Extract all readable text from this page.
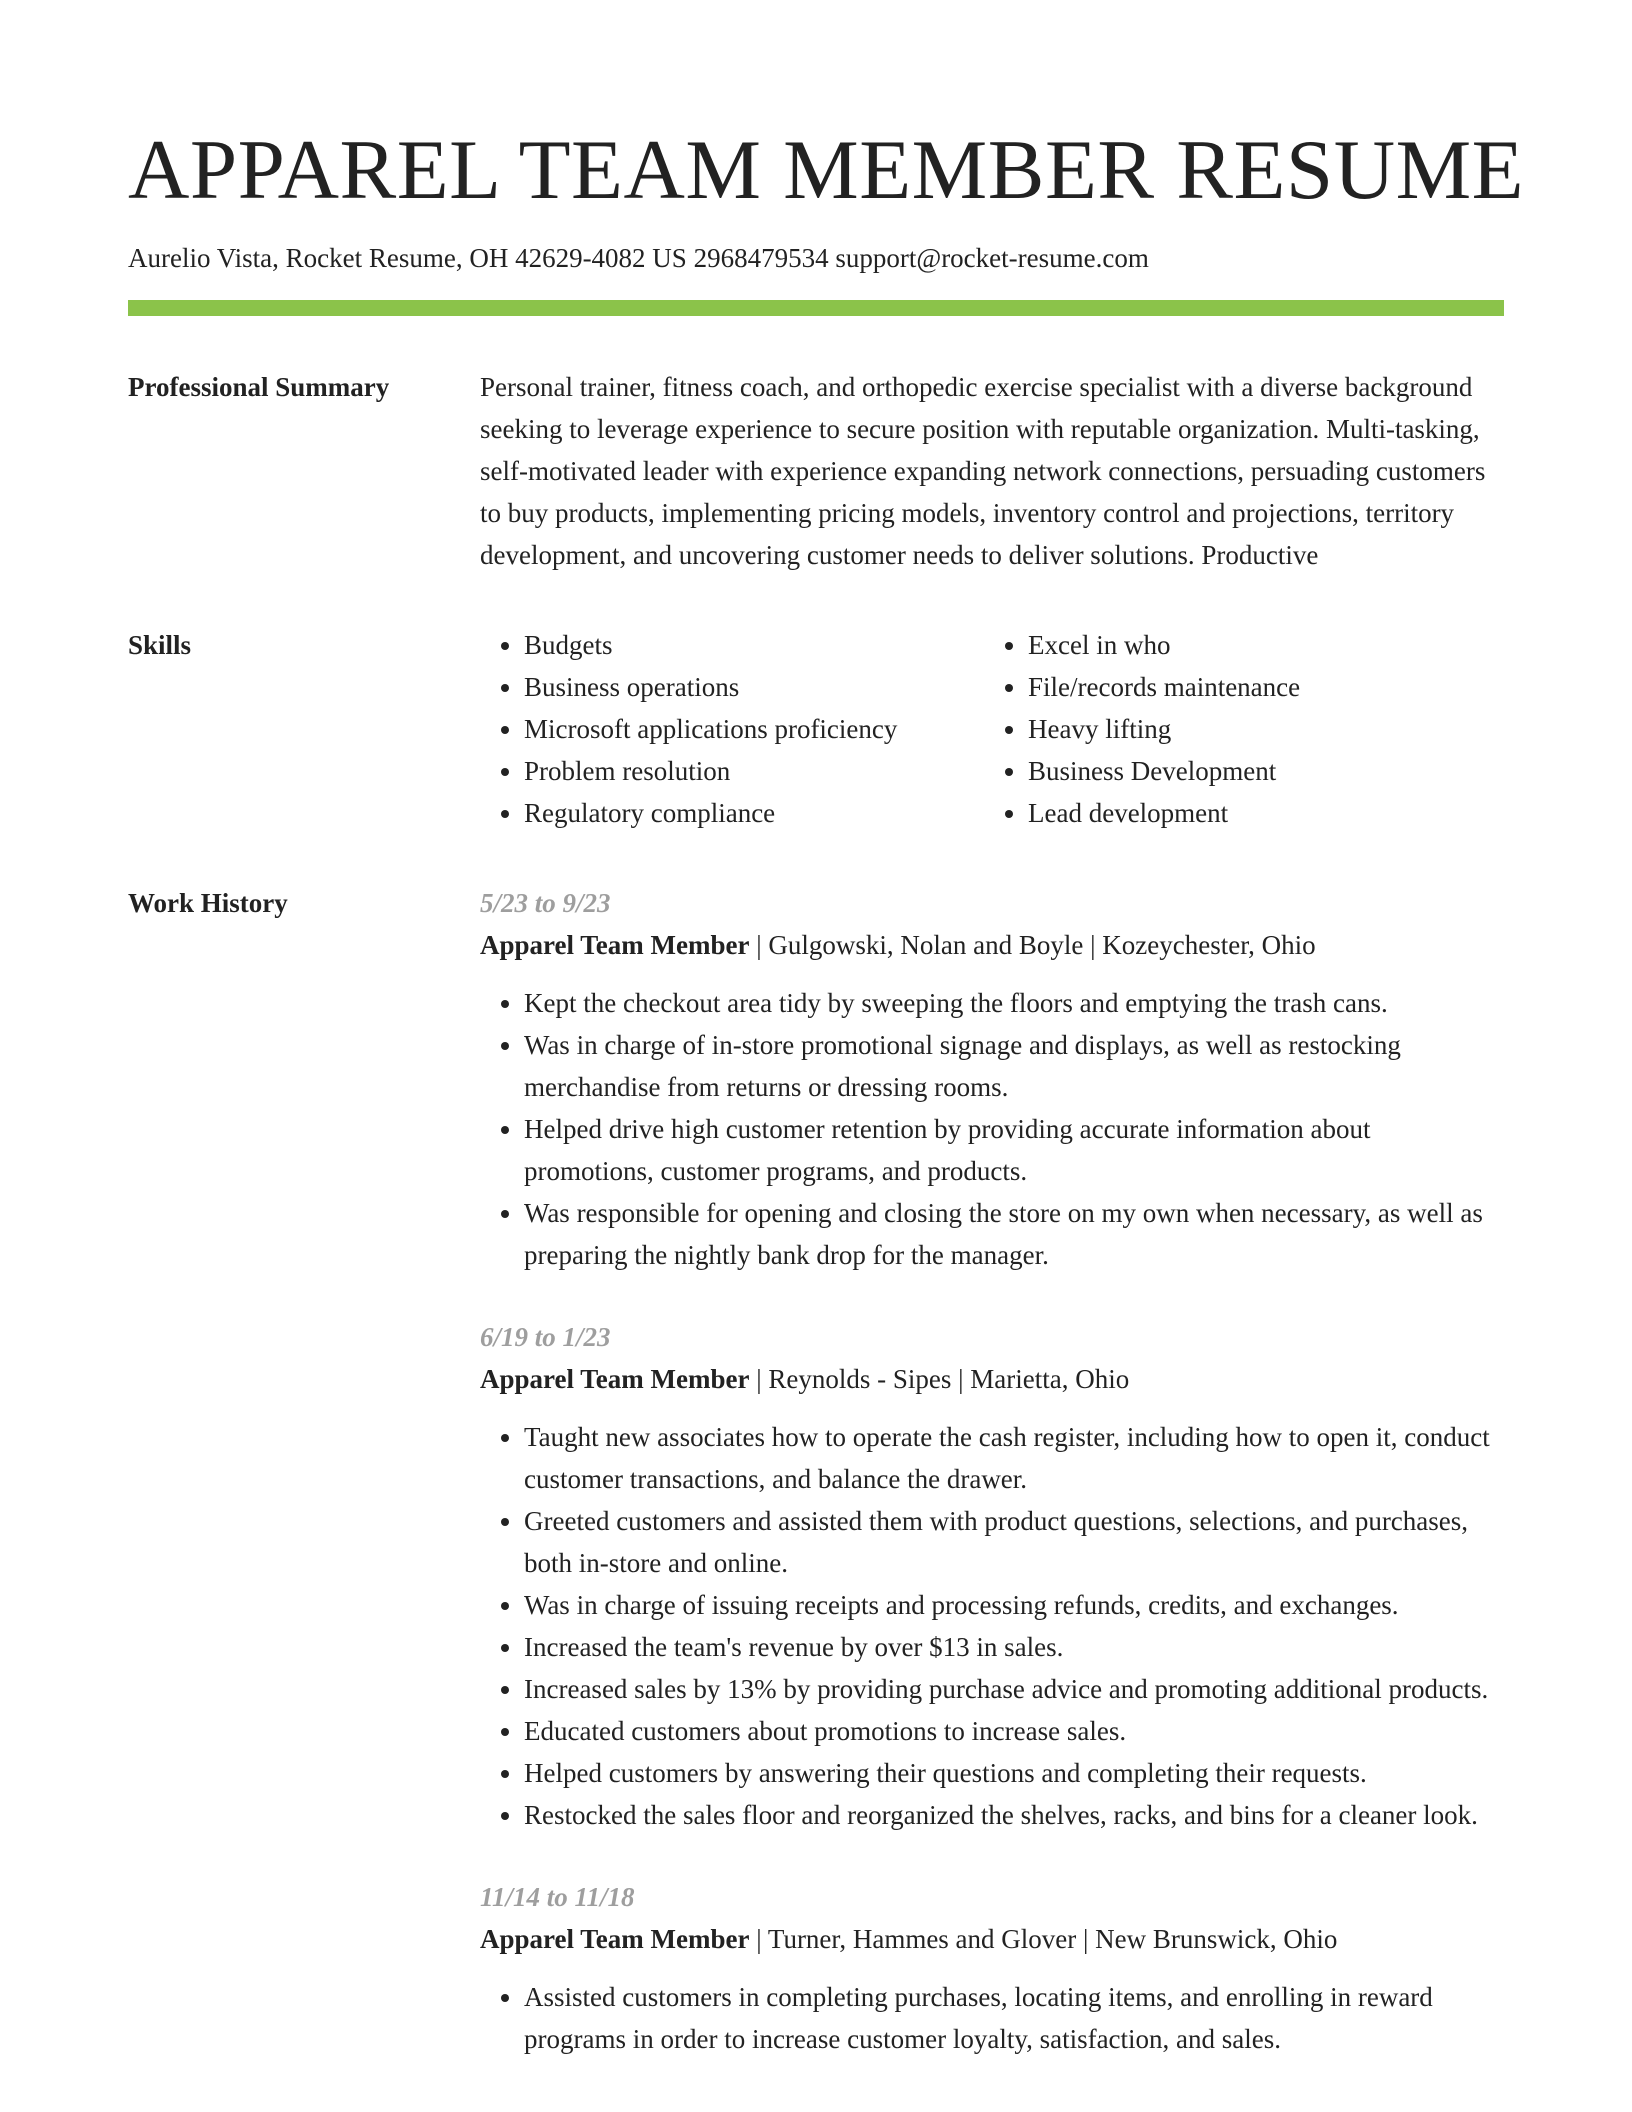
APPAREL TEAM MEMBER RESUME
Aurelio Vista, Rocket Resume, OH 42629-4082 US 2968479534 support@rocket-resume.com
Professional Summary	Personal trainer, fitness coach, and orthopedic exercise specialist with a diverse background seeking to leverage experience to secure position with reputable organization. Multi-tasking, self-motivated leader with experience expanding network connections, persuading customers to buy products, implementing pricing models, inventory control and projections, territory development, and uncovering customer needs to deliver solutions. Productive

Skills
•	Budgets
• Business operations
• Microsoft applications proficiency
• Problem resolution
• Regulatory compliance
• Excel in who
• File/records maintenance
• Heavy lifting
• Business Development
• Lead development
Work History	5/23 to 9/23
Apparel Team Member | Gulgowski, Nolan and Boyle | Kozeychester, Ohio
• Kept the checkout area tidy by sweeping the floors and emptying the trash cans.
• Was in charge of in-store promotional signage and displays, as well as restocking merchandise from returns or dressing rooms.
• Helped drive high customer retention by providing accurate information about promotions, customer programs, and products.
• Was responsible for opening and closing the store on my own when necessary, as well as preparing the nightly bank drop for the manager.
6/19 to 1/23
Apparel Team Member | Reynolds - Sipes | Marietta, Ohio
• Taught new associates how to operate the cash register, including how to open it, conduct customer transactions, and balance the drawer.
• Greeted customers and assisted them with product questions, selections, and purchases, both in-store and online.
• Was in charge of issuing receipts and processing refunds, credits, and exchanges.
• Increased the team's revenue by over $13 in sales.
• Increased sales by 13% by providing purchase advice and promoting additional products.
• Educated customers about promotions to increase sales.
• Helped customers by answering their questions and completing their requests.
• Restocked the sales floor and reorganized the shelves, racks, and bins for a cleaner look.
11/14 to 11/18
Apparel Team Member | Turner, Hammes and Glover | New Brunswick, Ohio
• Assisted customers in completing purchases, locating items, and enrolling in reward programs in order to increase customer loyalty, satisfaction, and sales.
